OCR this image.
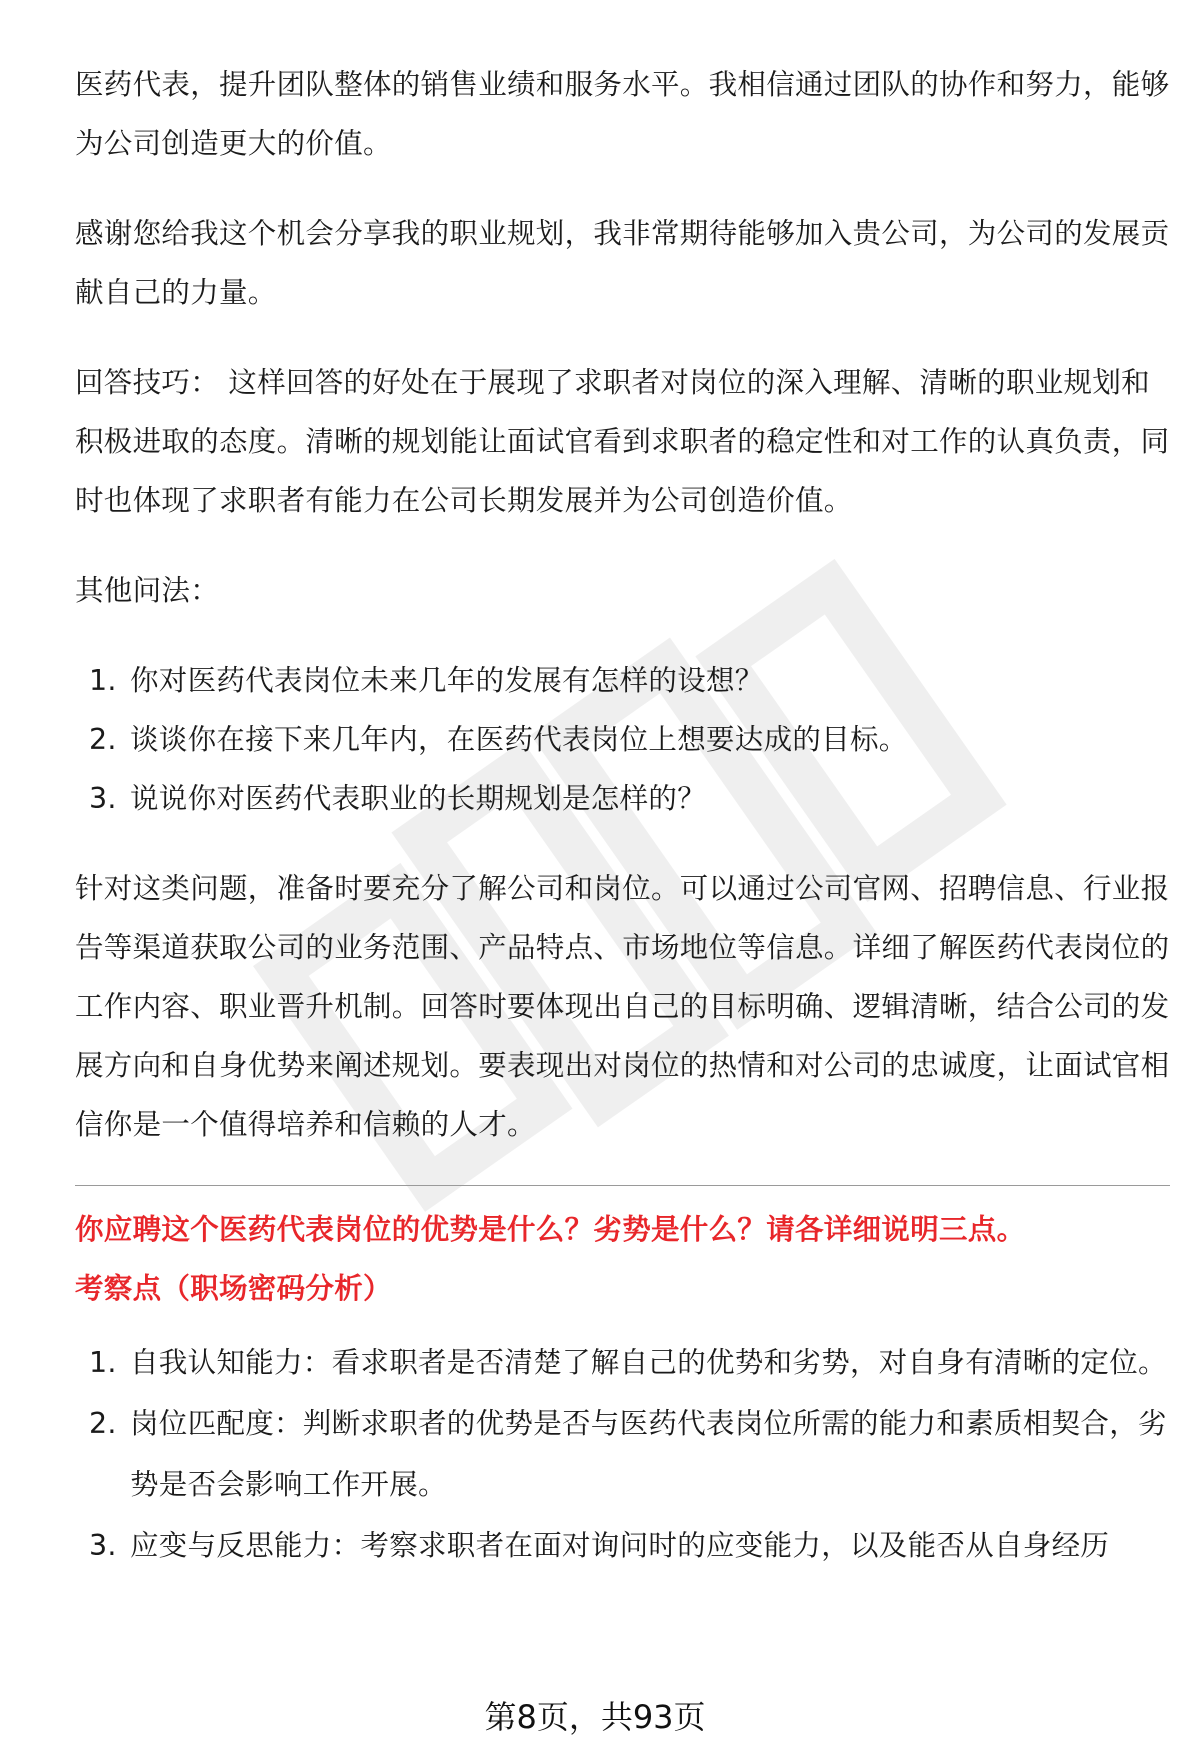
医药代表，提升团队整体的销售业绩和服务水平。我相信通过团队的协作和努力，能够为公司创造更大的价值。

感谢您给我这个机会分享我的职业规划，我非常期待能够加入贵公司，为公司的发展贡献自己的力量。

回答技巧： 这样回答的好处在于展现了求职者对岗位的深入理解、清晰的职业规划和积极进取的态度。清晰的规划能让面试官看到求职者的稳定性和对工作的认真负责，同时也体现了求职者有能力在公司长期发展并为公司创造价值。

其他问法：

1. 你对医药代表岗位未来几年的发展有怎样的设想？
2. 谈谈你在接下来几年内，在医药代表岗位上想要达成的目标。
3. 说说你对医药代表职业的长期规划是怎样的？

针对这类问题，准备时要充分了解公司和岗位。可以通过公司官网、招聘信息、行业报告等渠道获取公司的业务范围、产品特点、市场地位等信息。详细了解医药代表岗位的工作内容、职业晋升机制。回答时要体现出自己的目标明确、逻辑清晰，结合公司的发展方向和自身优势来阐述规划。要表现出对岗位的热情和对公司的忠诚度，让面试官相信你是一个值得培养和信赖的人才。

你应聘这个医药代表岗位的优势是什么？劣势是什么？请各详细说明三点。
考察点（职场密码分析）
1. 自我认知能力：看求职者是否清楚了解自己的优势和劣势，对自身有清晰的定位。
2. 岗位匹配度：判断求职者的优势是否与医药代表岗位所需的能力和素质相契合，劣势是否会影响工作开展。
3. 应变与反思能力：考察求职者在面对询问时的应变能力，以及能否从自身经历
第8页，共93页
